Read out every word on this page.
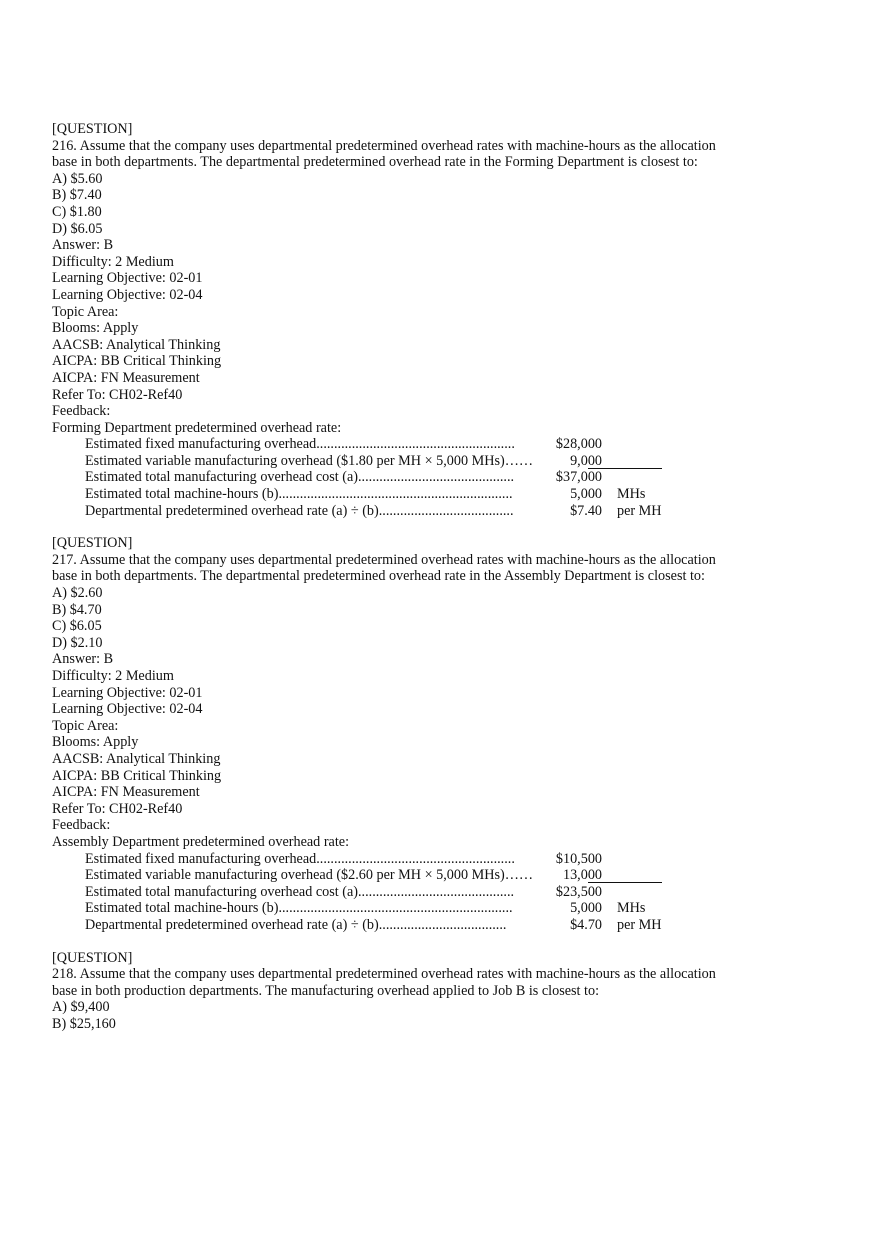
[QUESTION]
216. Assume that the company uses departmental predetermined overhead rates with machine-hours as the allocation base in both departments. The departmental predetermined overhead rate in the Forming Department is closest to:
A) $5.60
B) $7.40
C) $1.80
D) $6.05
Answer: B
Difficulty: 2 Medium
Learning Objective: 02-01
Learning Objective: 02-04
Topic Area:
Blooms: Apply
AACSB: Analytical Thinking
AICPA: BB Critical Thinking
AICPA: FN Measurement
Refer To: CH02-Ref40
Feedback:
Forming Department predetermined overhead rate:
Estimated fixed manufacturing overhead........................................................	$28,000
Estimated variable manufacturing overhead ($1.80 per MH × 5,000 MHs)……	9,000
Estimated total manufacturing overhead cost (a)............................................	$37,000
Estimated total machine-hours (b)..................................................................	5,000 MHs
Departmental predetermined overhead rate (a) ÷ (b)......................................	$7.40 per MH
[QUESTION]
217. Assume that the company uses departmental predetermined overhead rates with machine-hours as the allocation base in both departments. The departmental predetermined overhead rate in the Assembly Department is closest to:
A) $2.60
B) $4.70
C) $6.05
D) $2.10
Answer: B
Difficulty: 2 Medium
Learning Objective: 02-01
Learning Objective: 02-04
Topic Area:
Blooms: Apply
AACSB: Analytical Thinking
AICPA: BB Critical Thinking
AICPA: FN Measurement
Refer To: CH02-Ref40
Feedback:
Assembly Department predetermined overhead rate:
Estimated fixed manufacturing overhead........................................................	$10,500
Estimated variable manufacturing overhead ($2.60 per MH × 5,000 MHs)……	13,000
Estimated total manufacturing overhead cost (a)............................................	$23,500
Estimated total machine-hours (b)..................................................................	5,000 MHs
Departmental predetermined overhead rate (a) ÷ (b)....................................	$4.70 per MH
[QUESTION]
218. Assume that the company uses departmental predetermined overhead rates with machine-hours as the allocation base in both production departments. The manufacturing overhead applied to Job B is closest to:
A) $9,400
B) $25,160
